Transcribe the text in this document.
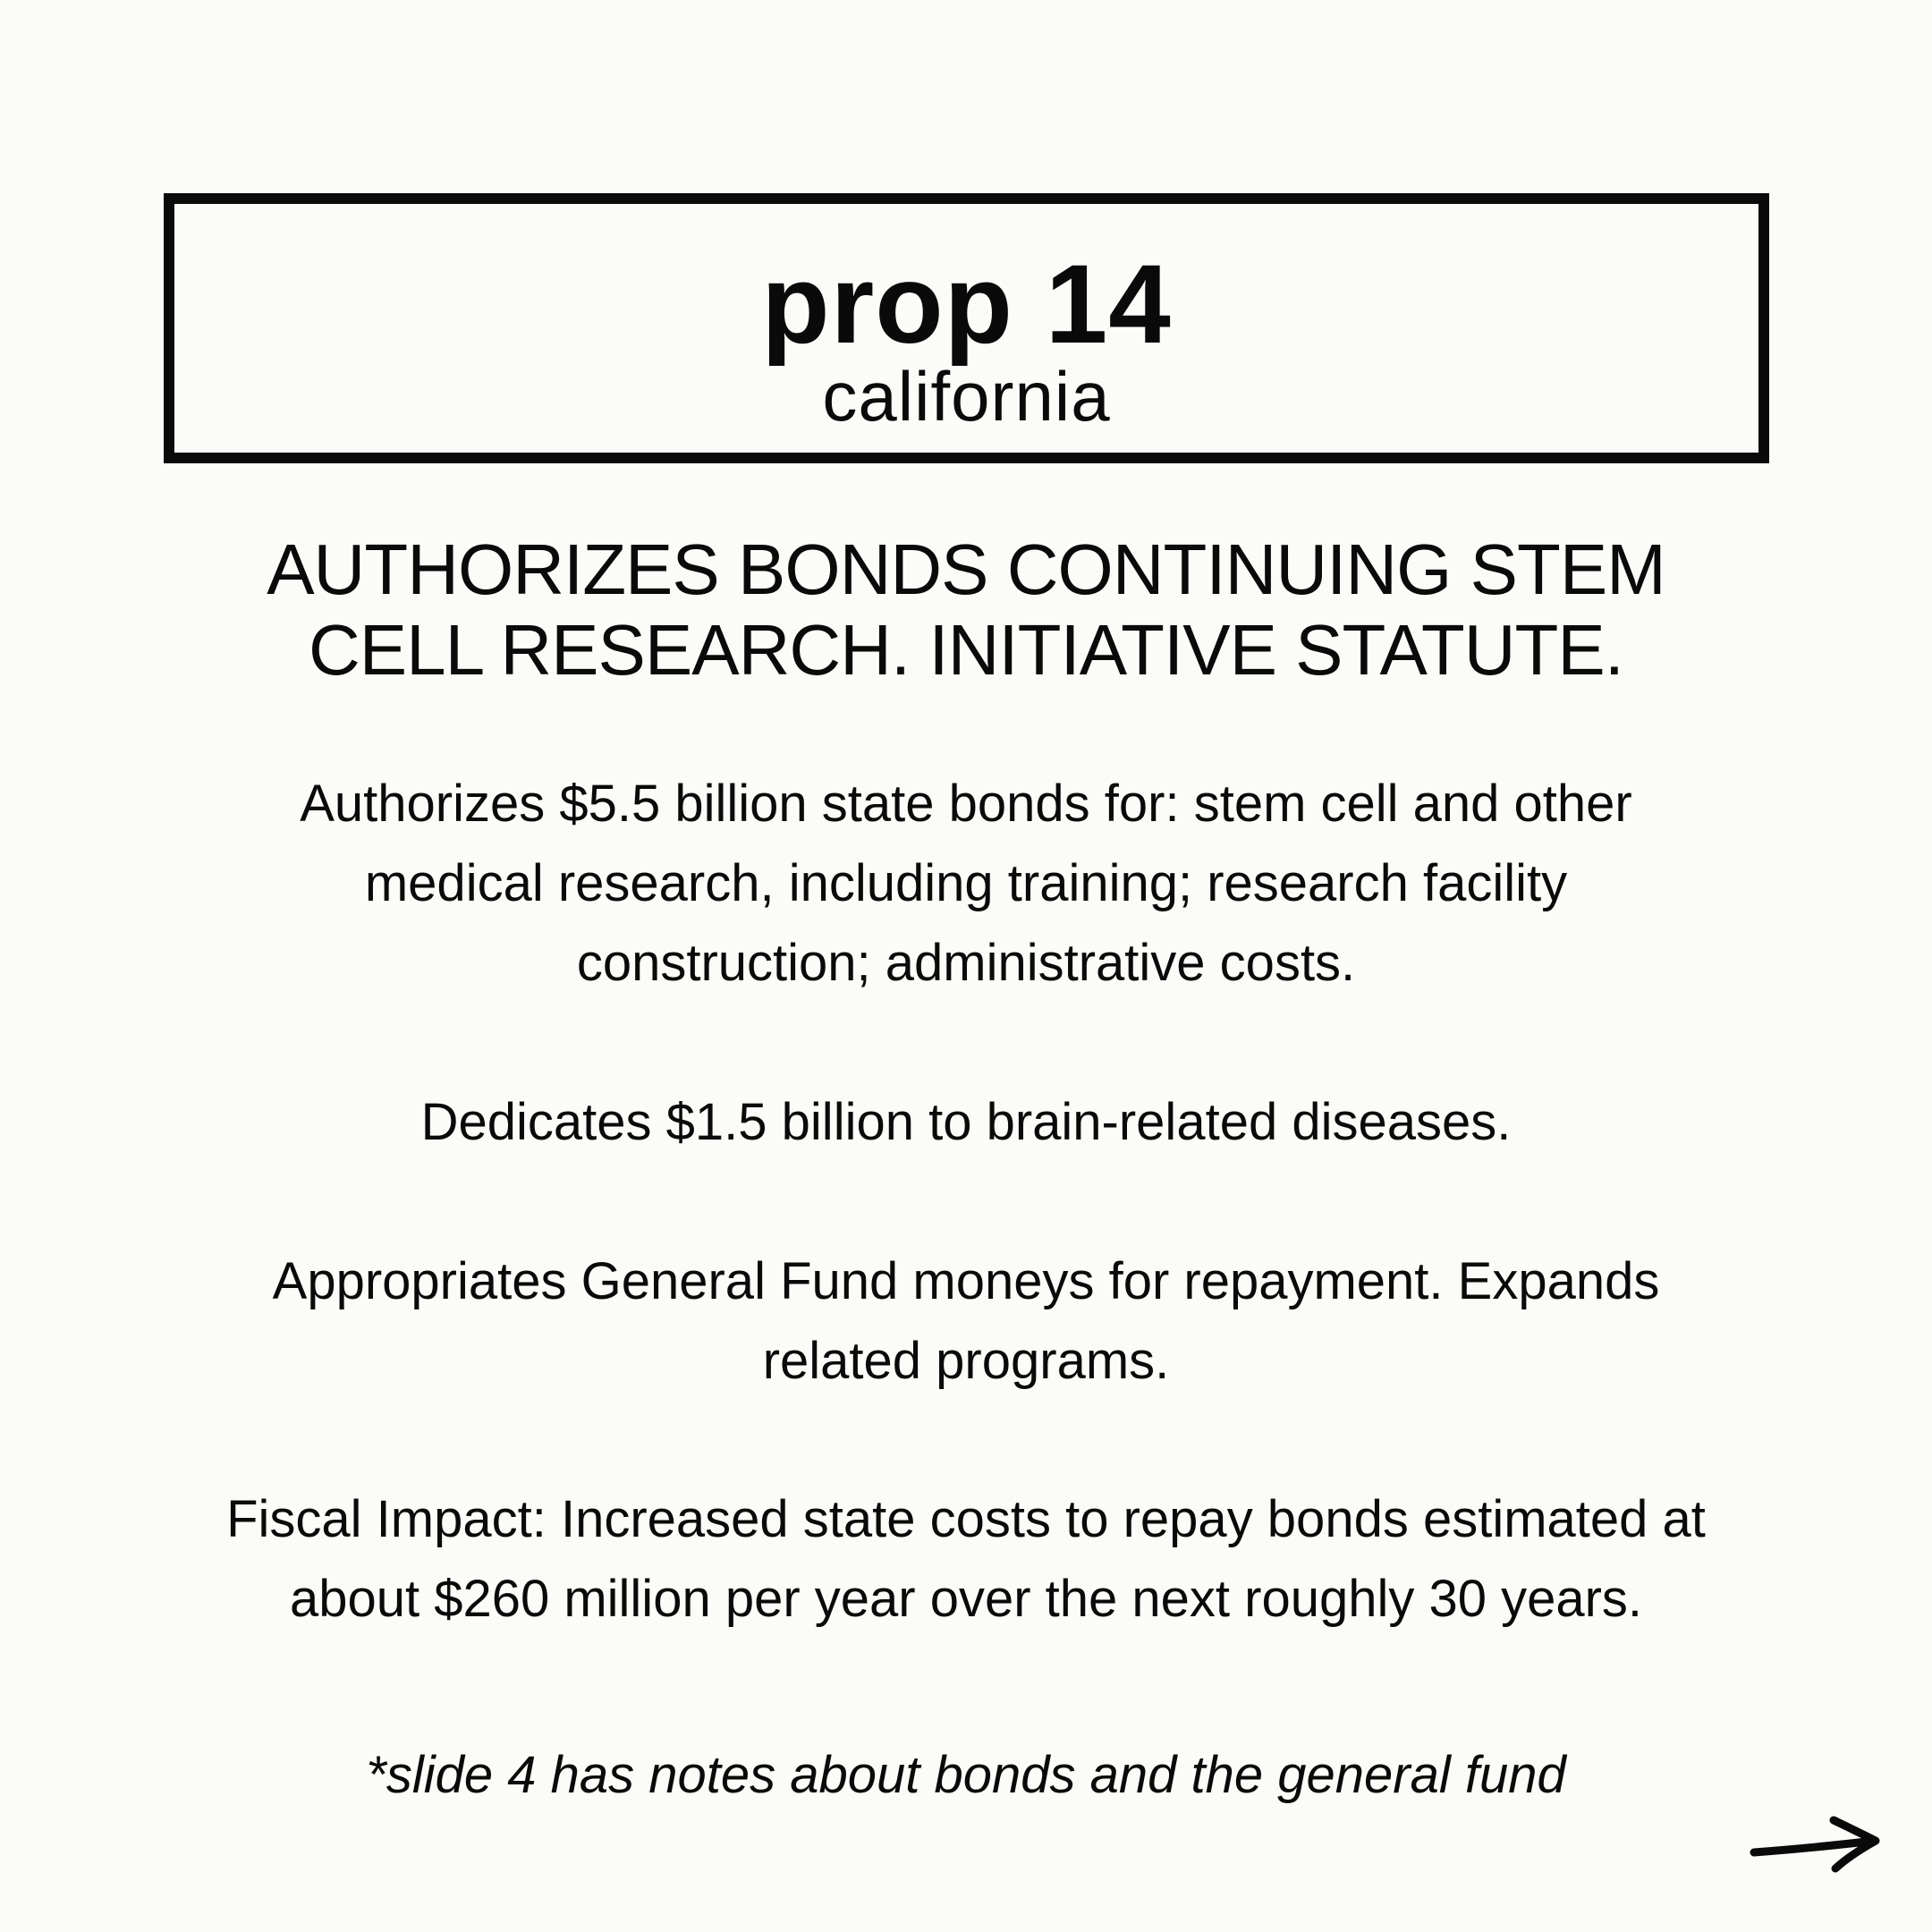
prop 14
california
AUTHORIZES BONDS CONTINUING STEM
CELL RESEARCH. INITIATIVE STATUTE.
Authorizes $5.5 billion state bonds for: stem cell and other
medical research, including training; research facility
construction; administrative costs.
Dedicates $1.5 billion to brain-related diseases.
Appropriates General Fund moneys for repayment. Expands
related programs.
Fiscal Impact: Increased state costs to repay bonds estimated at
about $260 million per year over the next roughly 30 years.
*slide 4 has notes about bonds and the general fund
